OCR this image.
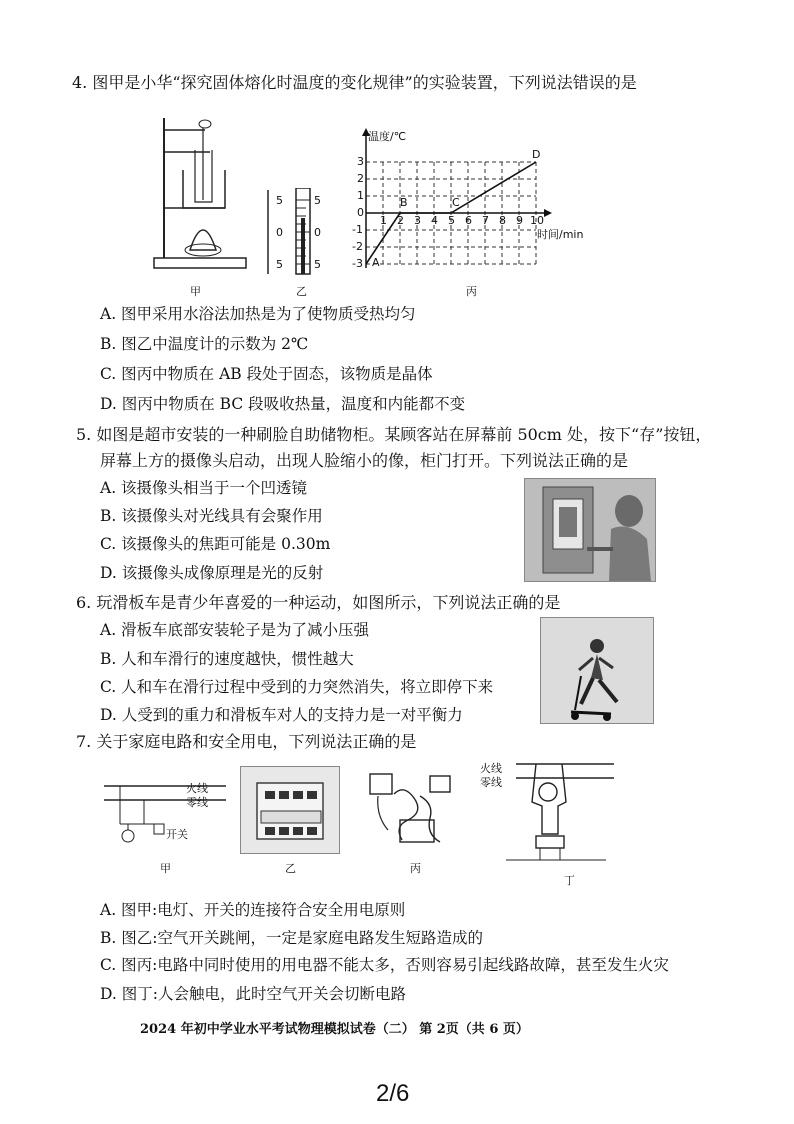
4. 图甲是小华“探究固体熔化时温度的变化规律”的实验装置，下列说法错误的是
甲
5
0
5
5
0
5
乙
温度/℃
时间/min
3
2
1
0
-1
-2
-3
1 2 3 4 5 6 7 8 9 10
A
B	C
D
丙
A. 图甲采用水浴法加热是为了使物质受热均匀
B. 图乙中温度计的示数为 2℃
C. 图丙中物质在 AB 段处于固态，该物质是晶体
D. 图丙中物质在 BC 段吸收热量，温度和内能都不变
5. 如图是超市安装的一种刷脸自助储物柜。某顾客站在屏幕前 50cm 处，按下“存”按钮，
屏幕上方的摄像头启动，出现人脸缩小的像，柜门打开。下列说法正确的是
A. 该摄像头相当于一个凹透镜
B. 该摄像头对光线具有会聚作用
C. 该摄像头的焦距可能是 0.30m
D. 该摄像头成像原理是光的反射
6. 玩滑板车是青少年喜爱的一种运动，如图所示，下列说法正确的是
A. 滑板车底部安装轮子是为了减小压强
B. 人和车滑行的速度越快，惯性越大
C. 人和车在滑行过程中受到的力突然消失，将立即停下来
D. 人受到的重力和滑板车对人的支持力是一对平衡力
7. 关于家庭电路和安全用电，下列说法正确的是
火线
零线
开关
甲	乙	丙
火线
零线
丁
A. 图甲:电灯、开关的连接符合安全用电原则
B. 图乙:空气开关跳闸，一定是家庭电路发生短路造成的
C. 图丙:电路中同时使用的用电器不能太多，否则容易引起线路故障，甚至发生火灾
D. 图丁:人会触电，此时空气开关会切断电路
2024 年初中学业水平考试物理模拟试卷（二） 第 2页（共 6 页）
2/6
